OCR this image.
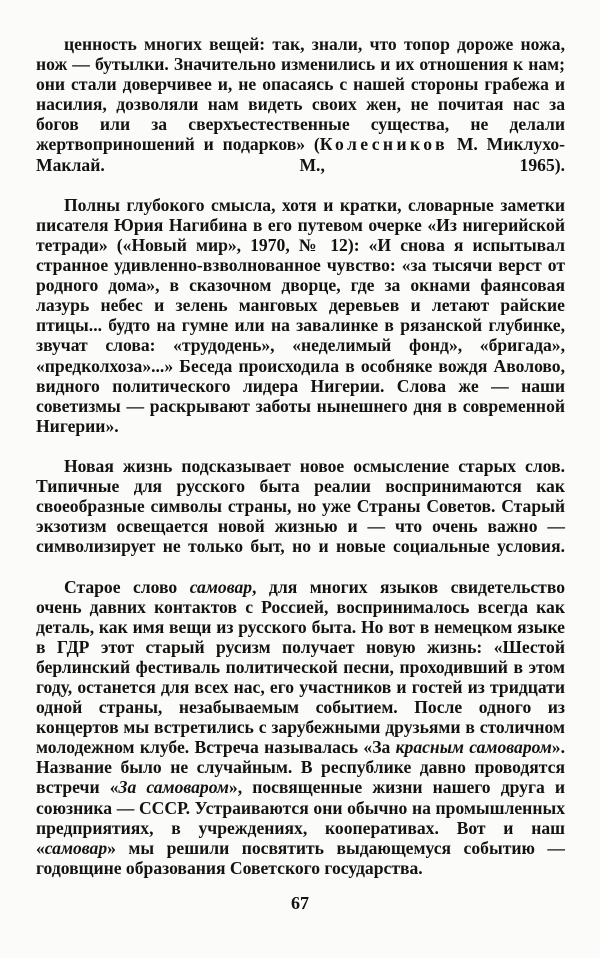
ценность многих вещей: так, знали, что топор дороже ножа, нож — бутылки. Значительно изменились и их отношения к нам; они стали доверчивее и, не опасаясь с нашей стороны грабежа и насилия, дозволяли нам видеть своих жен, не почитая нас за богов или за сверхъестественные существа, не делали жертвоприношений и подарков» (Колесников М. Миклухо-Маклай. М., 1965).

Полны глубокого смысла, хотя и кратки, словарные заметки писателя Юрия Нагибина в его путевом очерке «Из нигерийской тетради» («Новый мир», 1970, № 12): «И снова я испытывал странное удивленно-взволнованное чувство: «за тысячи верст от родного дома», в сказочном дворце, где за окнами фаянсовая лазурь небес и зелень манговых деревьев и летают райские птицы... будто на гумне или на завалинке в рязанской глубинке, звучат слова: «трудодень», «неделимый фонд», «бригада», «предколхоза»...» Беседа происходила в особняке вождя Аволово, видного политического лидера Нигерии. Слова же — наши советизмы — раскрывают заботы нынешнего дня в современной Нигерии».

Новая жизнь подсказывает новое осмысление старых слов. Типичные для русского быта реалии воспринимаются как своеобразные символы страны, но уже Страны Советов. Старый экзотизм освещается новой жизнью и — что очень важно — символизирует не только быт, но и новые социальные условия.

Старое слово самовар, для многих языков свидетельство очень давних контактов с Россией, воспринималось всегда как деталь, как имя вещи из русского быта. Но вот в немецком языке в ГДР этот старый русизм получает новую жизнь: «Шестой берлинский фестиваль политической песни, проходивший в этом году, останется для всех нас, его участников и гостей из тридцати одной страны, незабываемым событием. После одного из концертов мы встретились с зарубежными друзьями в столичном молодежном клубе. Встреча называлась «За красным самоваром». Название было не случайным. В республике давно проводятся встречи «За самоваром», посвященные жизни нашего друга и союзника — СССР. Устраиваются они обычно на промышленных предприятиях, в учреждениях, кооперативах. Вот и наш «самовар» мы решили посвятить выдающемуся событию — годовщине образования Советского государства.

67
